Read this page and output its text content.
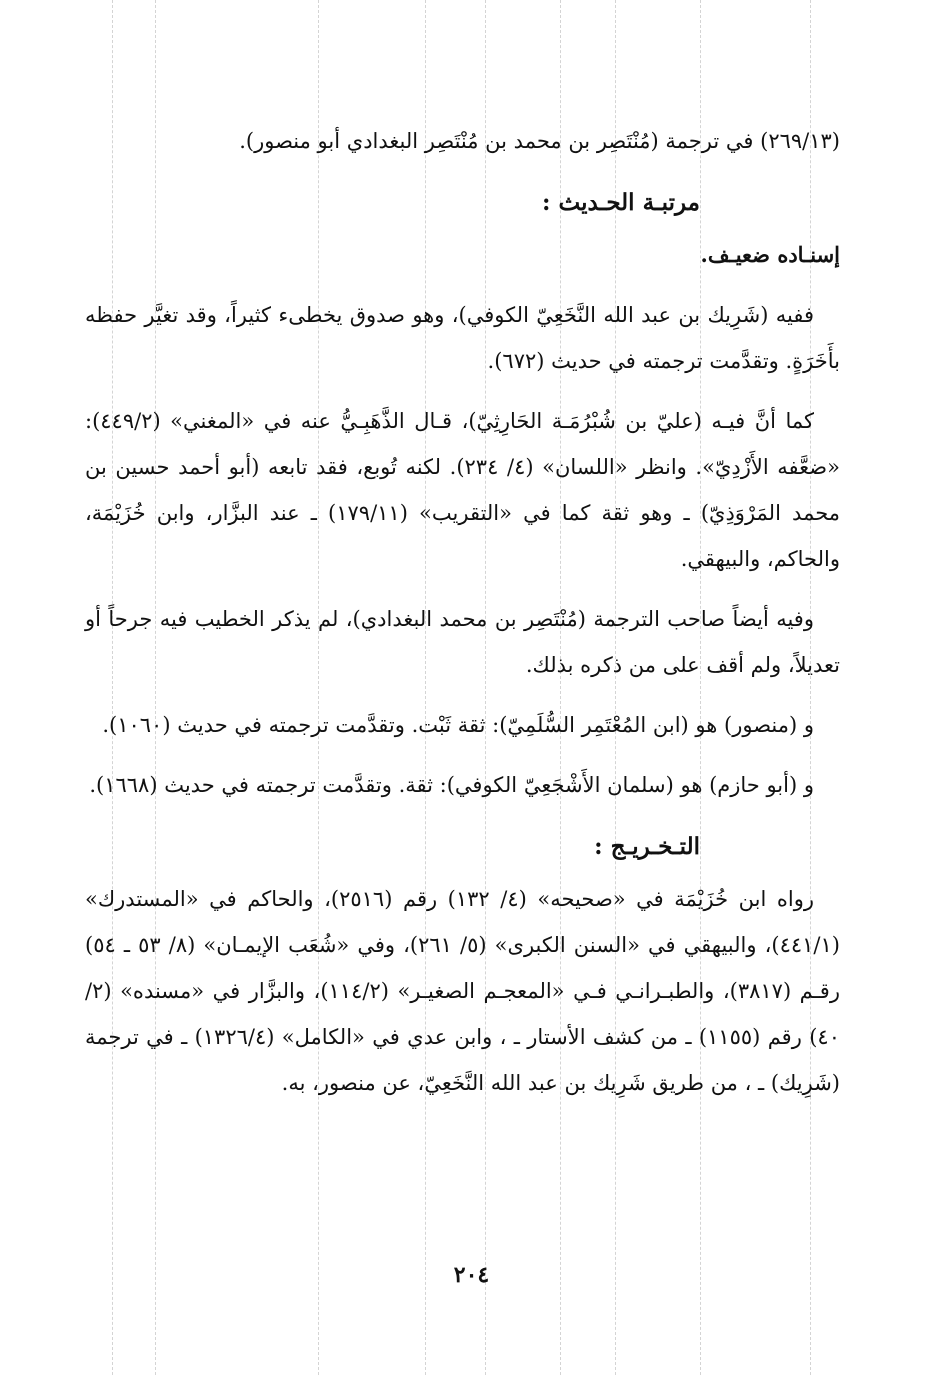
(٢٦٩/١٣) في ترجمة (مُنْتَصِر بن محمد بن مُنْتَصِر البغدادي أبو منصور).

مرتبـة الحـديث :

إسنـاده ضعيـف.

ففيه (شَرِيك بن عبد الله النَّخَعِيّ الكوفي)، وهو صدوق يخطىء كثيراً، وقد تغيَّر حفظه بأَخَرَةٍ. وتقدَّمت ترجمته في حديث (٦٧٢).

كما أنَّ فيـه (عليّ بن شُبْرُمَـة الحَارِثِيّ)، قـال الذَّهَبِـيُّ عنه في «المغني» (٤٤٩/٢): «ضعَّفه الأَزْدِيّ». وانظر «اللسان» (٤/ ٢٣٤). لكنه تُوبع، فقد تابعه (أبو أحمد حسين بن محمد المَرْوَذِيّ) ـ وهو ثقة كما في «التقريب» (١٧٩/١١) ـ عند البزَّار، وابن خُزَيْمَة، والحاكم، والبيهقي.

وفيه أيضاً صاحب الترجمة (مُنْتَصِر بن محمد البغدادي)، لم يذكر الخطيب فيه جرحاً أو تعديلاً، ولم أقف على من ذكره بذلك.

و (منصور) هو (ابن المُعْتَمِر السُّلَمِيّ): ثقة ثَبْت. وتقدَّمت ترجمته في حديث (١٠٦٠).

و (أبو حازم) هو (سلمان الأَشْجَعِيّ الكوفي): ثقة. وتقدَّمت ترجمته في حديث (١٦٦٨).

التـخـريـج :

رواه ابن خُزَيْمَة في «صحيحه» (٤/ ١٣٢) رقم (٢٥١٦)، والحاكم في «المستدرك» (٤٤١/١)، والبيهقي في «السنن الكبرى» (٥/ ٢٦١)، وفي «شُعَب الإيمـان» (٨/ ٥٣ ـ ٥٤) رقـم (٣٨١٧)، والطبـرانـي فـي «المعجـم الصغيـر» (١١٤/٢)، والبزَّار في «مسنده» (٢/ ٤٠) رقم (١١٥٥) ـ من كشف الأستار ـ ، وابن عدي في «الكامل» (١٣٢٦/٤) ـ في ترجمة (شَرِيك) ـ ، من طريق شَرِيك بن عبد الله النَّخَعِيّ، عن منصور، به.

٢٠٤
